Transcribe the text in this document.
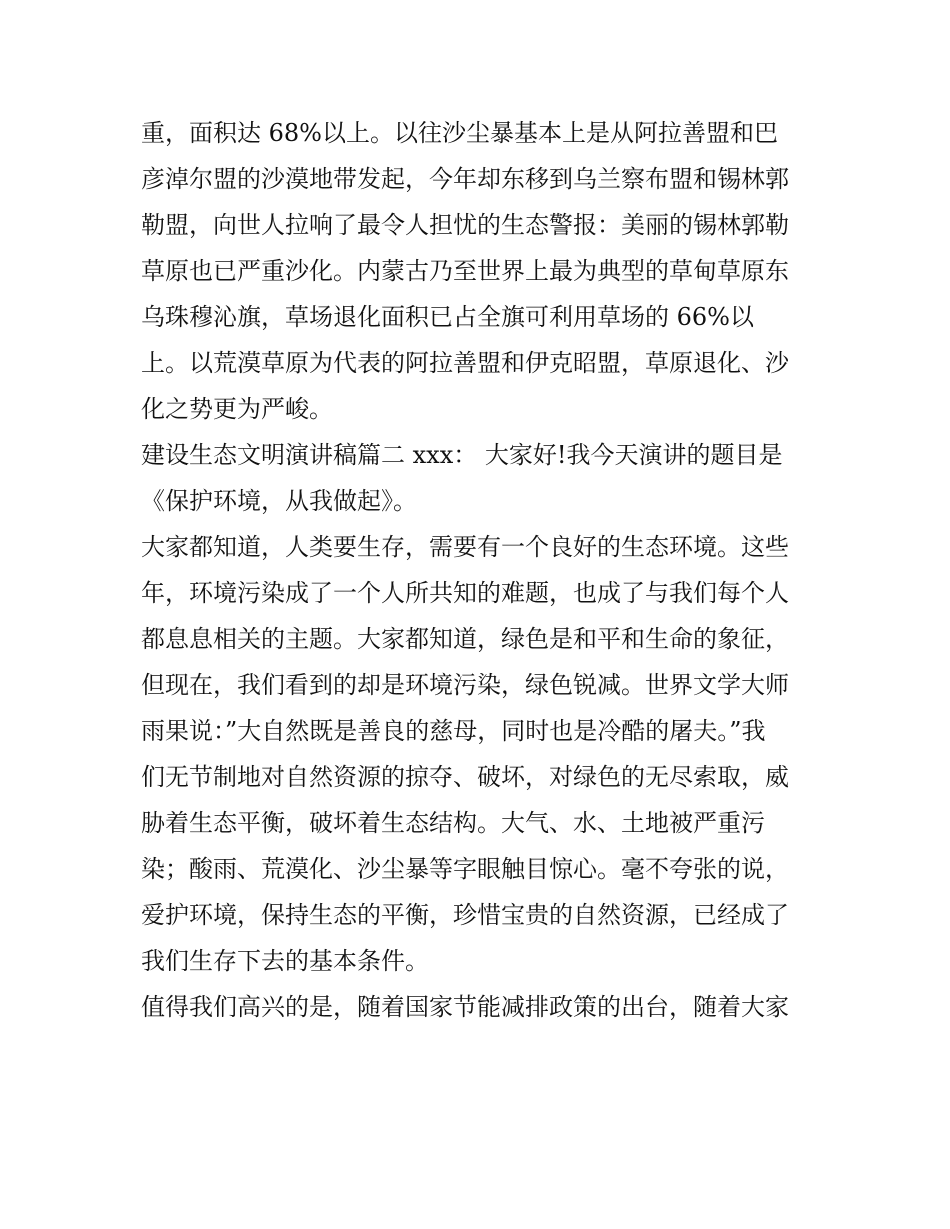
重，面积达 68%以上。以往沙尘暴基本上是从阿拉善盟和巴
彦淖尔盟的沙漠地带发起，今年却东移到乌兰察布盟和锡林郭
勒盟，向世人拉响了最令人担忧的生态警报：美丽的锡林郭勒
草原也已严重沙化。内蒙古乃至世界上最为典型的草甸草原东
乌珠穆沁旗，草场退化面积已占全旗可利用草场的 66%以
上。以荒漠草原为代表的阿拉善盟和伊克昭盟，草原退化、沙
化之势更为严峻。
建设生态文明演讲稿篇二 xxx： 大家好!我今天演讲的题目是
《保护环境，从我做起》。
大家都知道，人类要生存，需要有一个良好的生态环境。这些
年，环境污染成了一个人所共知的难题，也成了与我们每个人
都息息相关的主题。大家都知道，绿色是和平和生命的象征，
但现在，我们看到的却是环境污染，绿色锐减。世界文学大师
雨果说：”大自然既是善良的慈母，同时也是冷酷的屠夫。”我
们无节制地对自然资源的掠夺、破坏，对绿色的无尽索取，威
胁着生态平衡，破坏着生态结构。大气、水、土地被严重污
染；酸雨、荒漠化、沙尘暴等字眼触目惊心。毫不夸张的说，
爱护环境，保持生态的平衡，珍惜宝贵的自然资源，已经成了
我们生存下去的基本条件。
值得我们高兴的是，随着国家节能减排政策的出台，随着大家
